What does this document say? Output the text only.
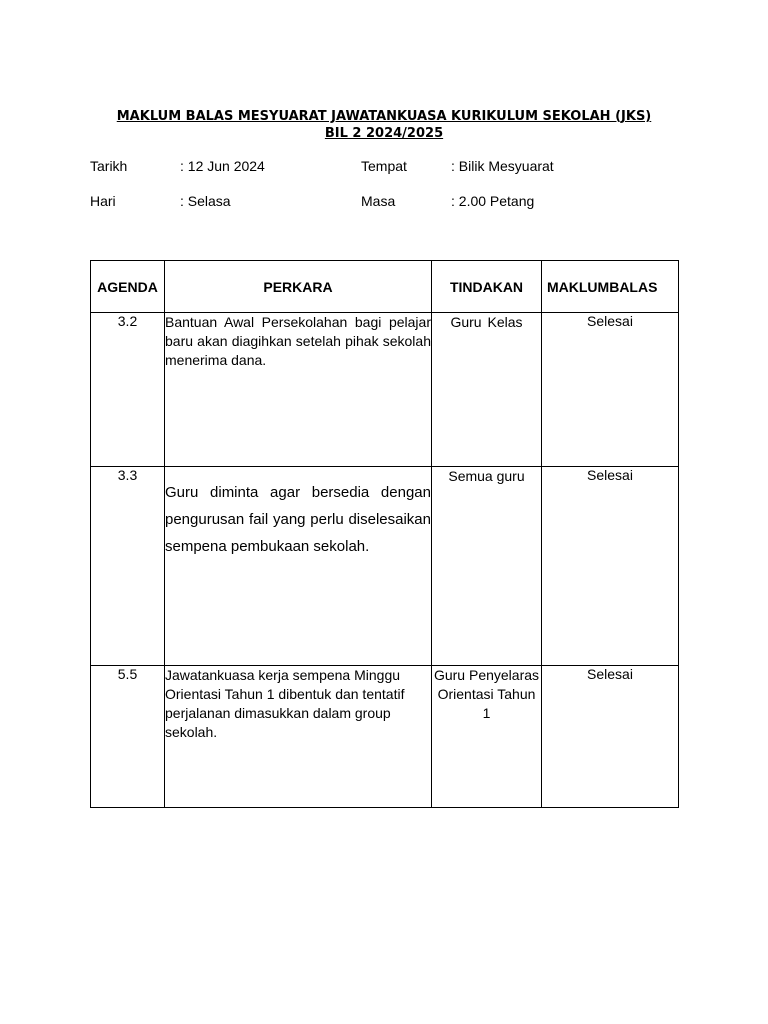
MAKLUM BALAS MESYUARAT JAWATANKUASA KURIKULUM SEKOLAH (JKS)
BIL 2 2024/2025
Tarikh	: 12 Jun 2024	Tempat	: Bilik Mesyuarat
Hari	: Selasa	Masa	: 2.00 Petang
AGENDA	PERKARA	TINDAKAN	MAKLUMBALAS
3.2	Bantuan Awal Persekolahan bagi pelajar baru akan diagihkan setelah pihak sekolah menerima dana.	Guru Kelas	Selesai
3.3	Guru diminta agar bersedia dengan pengurusan fail yang perlu diselesaikan sempena pembukaan sekolah.	Semua guru	Selesai
5.5	Jawatankuasa kerja sempena Minggu Orientasi Tahun 1 dibentuk dan tentatif perjalanan dimasukkan dalam group sekolah.	Guru Penyelaras Orientasi Tahun 1	Selesai
